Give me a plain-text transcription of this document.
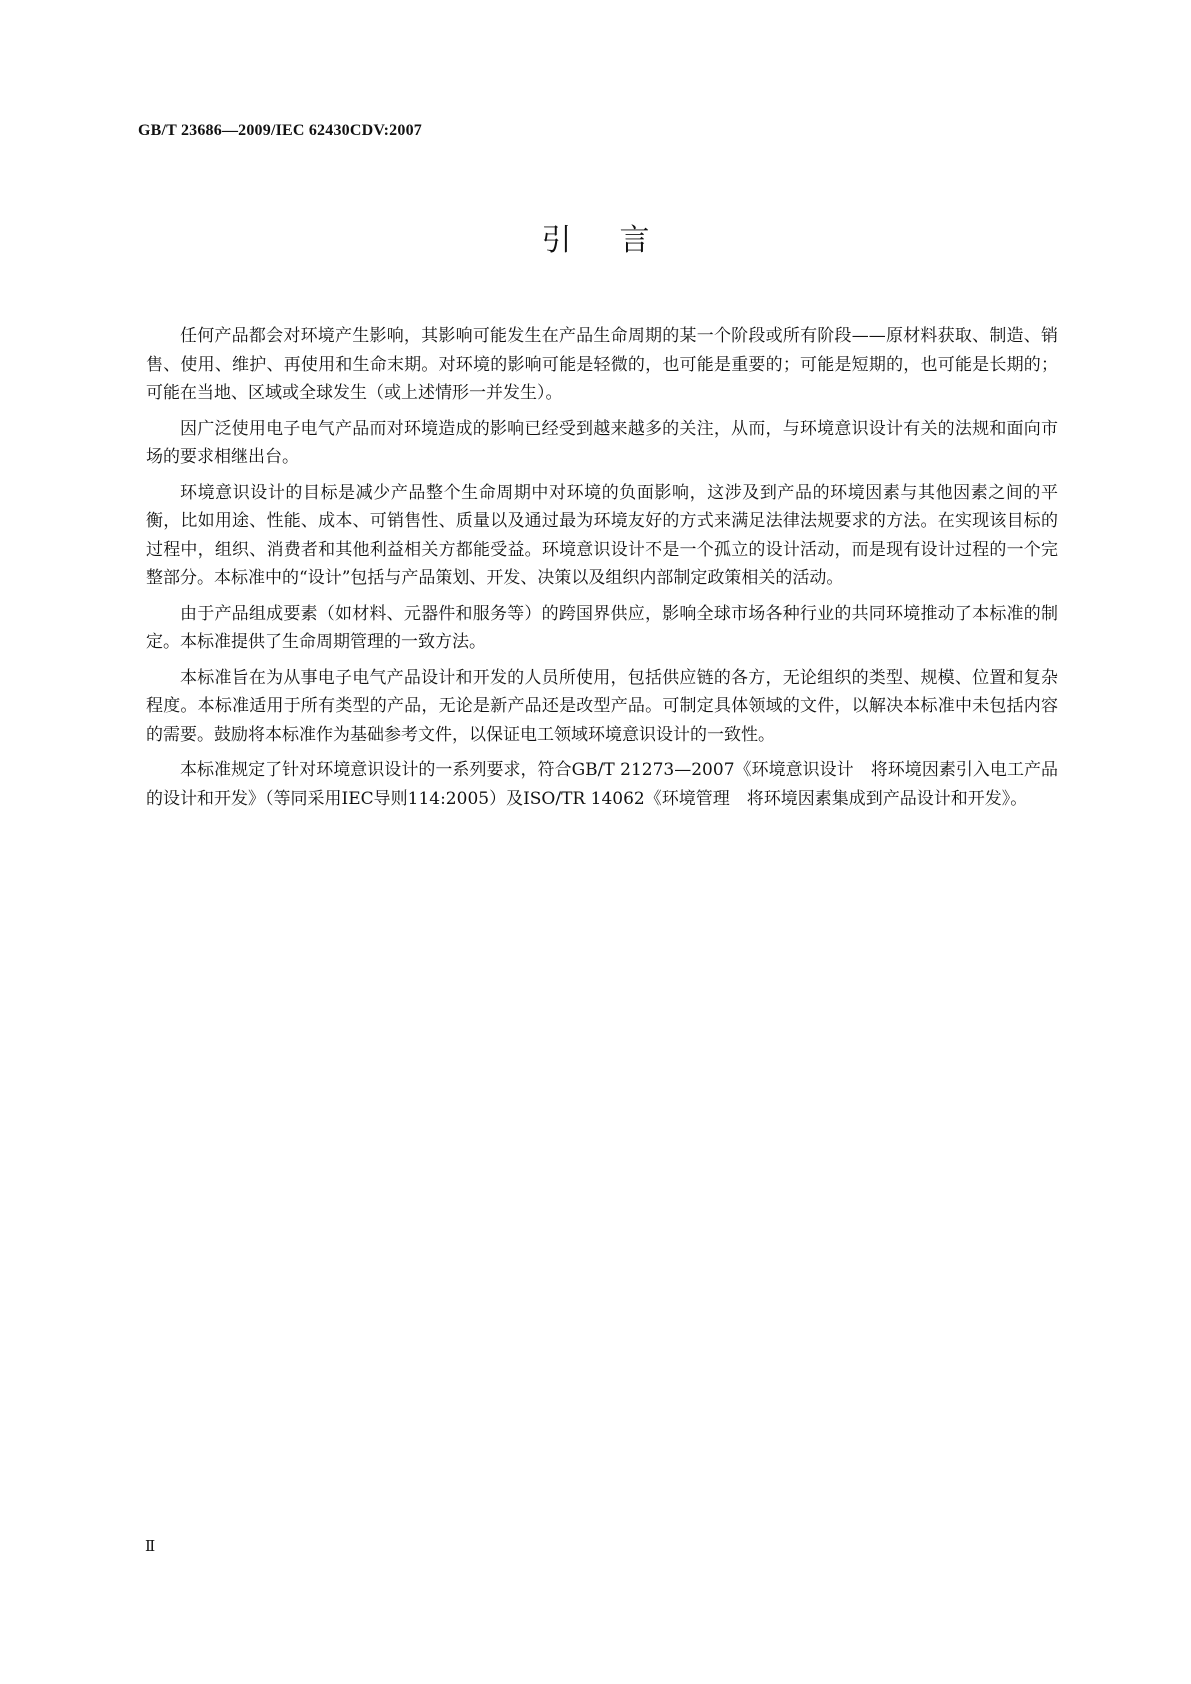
GB/T 23686—2009/IEC 62430CDV:2007
引言

任何产品都会对环境产生影响，其影响可能发生在产品生命周期的某一个阶段或所有阶段——原材料获取、制造、销售、使用、维护、再使用和生命末期。对环境的影响可能是轻微的，也可能是重要的；可能是短期的，也可能是长期的；可能在当地、区域或全球发生（或上述情形一并发生）。

因广泛使用电子电气产品而对环境造成的影响已经受到越来越多的关注，从而，与环境意识设计有关的法规和面向市场的要求相继出台。

环境意识设计的目标是减少产品整个生命周期中对环境的负面影响，这涉及到产品的环境因素与其他因素之间的平衡，比如用途、性能、成本、可销售性、质量以及通过最为环境友好的方式来满足法律法规要求的方法。在实现该目标的过程中，组织、消费者和其他利益相关方都能受益。环境意识设计不是一个孤立的设计活动，而是现有设计过程的一个完整部分。本标准中的“设计”包括与产品策划、开发、决策以及组织内部制定政策相关的活动。

由于产品组成要素（如材料、元器件和服务等）的跨国界供应，影响全球市场各种行业的共同环境推动了本标准的制定。本标准提供了生命周期管理的一致方法。

本标准旨在为从事电子电气产品设计和开发的人员所使用，包括供应链的各方，无论组织的类型、规模、位置和复杂程度。本标准适用于所有类型的产品，无论是新产品还是改型产品。可制定具体领域的文件，以解决本标准中未包括内容的需要。鼓励将本标准作为基础参考文件，以保证电工领域环境意识设计的一致性。

本标准规定了针对环境意识设计的一系列要求，符合GB/T 21273—2007《环境意识设计　将环境因素引入电工产品的设计和开发》（等同采用IEC导则114:2005）及ISO/TR 14062《环境管理　将环境因素集成到产品设计和开发》。

Ⅱ
